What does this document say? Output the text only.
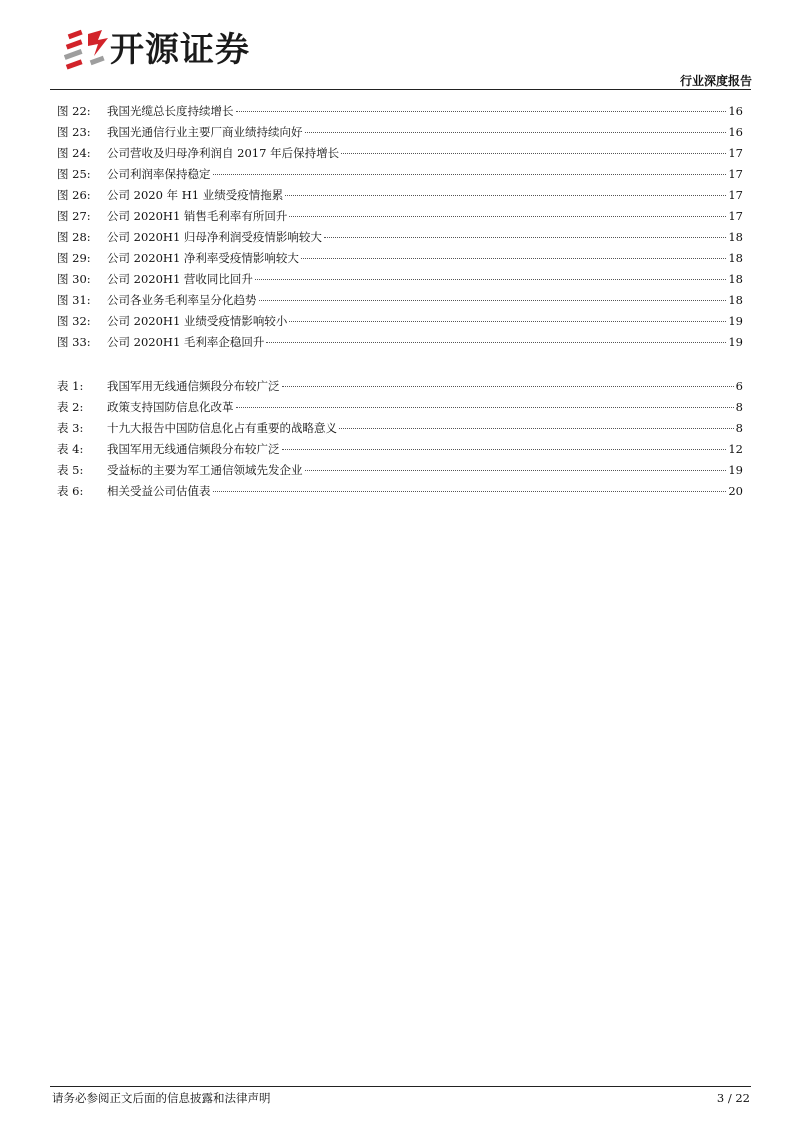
开源证券
行业深度报告
图 22:	我国光缆总长度持续增长	16
图 23:	我国光通信行业主要厂商业绩持续向好	16
图 24:	公司营收及归母净利润自 2017 年后保持增长	17
图 25:	公司利润率保持稳定	17
图 26:	公司 2020 年 H1 业绩受疫情拖累	17
图 27:	公司 2020H1 销售毛利率有所回升	17
图 28:	公司 2020H1 归母净利润受疫情影响较大	18
图 29:	公司 2020H1 净利率受疫情影响较大	18
图 30:	公司 2020H1 营收同比回升	18
图 31:	公司各业务毛利率呈分化趋势	18
图 32:	公司 2020H1 业绩受疫情影响较小	19
图 33:	公司 2020H1 毛利率企稳回升	19
表 1:	我国军用无线通信频段分布较广泛	6
表 2:	政策支持国防信息化改革	8
表 3:	十九大报告中国防信息化占有重要的战略意义	8
表 4:	我国军用无线通信频段分布较广泛	12
表 5:	受益标的主要为军工通信领域先发企业	19
表 6:	相关受益公司估值表	20
请务必参阅正文后面的信息披露和法律声明	3 / 22
